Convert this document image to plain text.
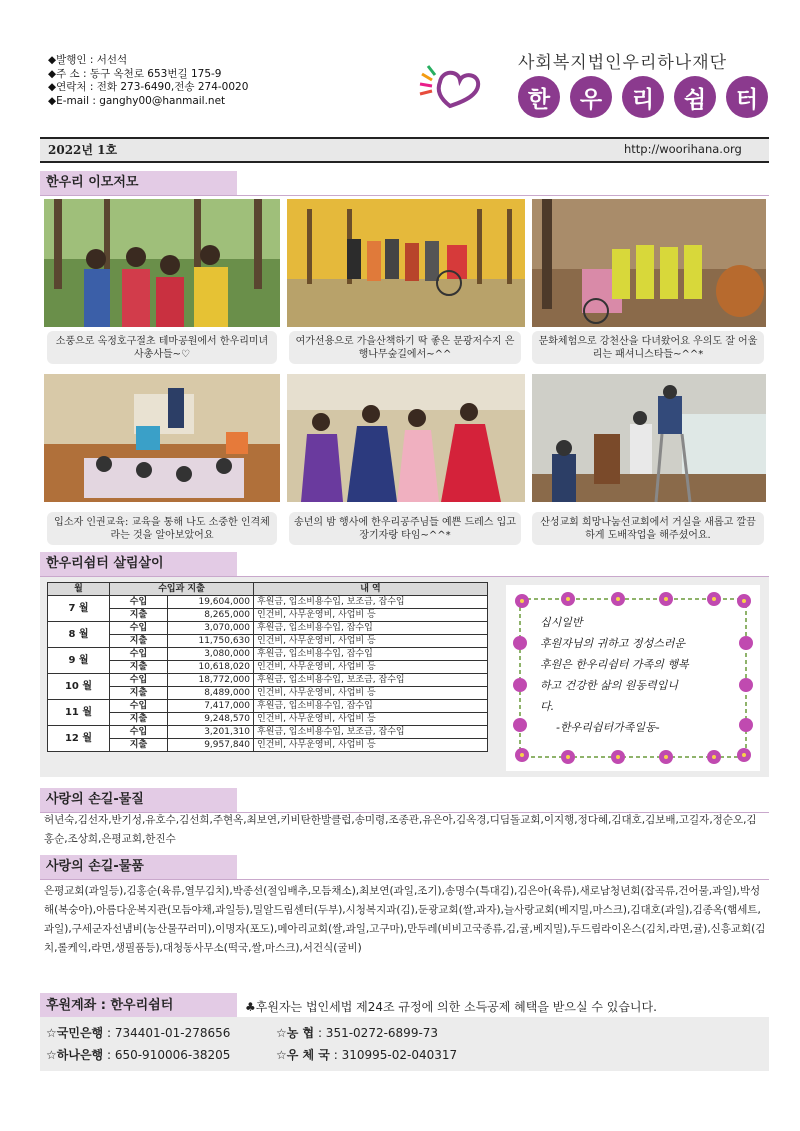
◆발행인 : 서선석
◆주 소 : 동구 옥천로 653번길 175-9
◆연락처 : 전화 273-6490,전송 274-0020
◆E-mail : ganghy00@hanmail.net
사회복지법인우리하나재단
한	우	리	쉼	터
2022년 1호	http://woorihana.org
한우리 이모저모
소풍으로 옥정호구절초 테마공원에서 한우리미녀 사총사들~♡
여가선용으로 가을산책하기 딱 좋은 문광저수지 은행나무숲길에서~^^
문화체험으로 강천산을 다녀왔어요 우의도 잘 어울리는 패셔니스타들~^^*
입소자 인권교육: 교육을 통해 나도 소중한 인격체라는 것을 알아보았어요
송년의 밤 행사에 한우리공주님들 예쁜 드레스 입고 장기자랑 타임~^^*
산성교회 희망나눔선교회에서 거실을 새롭고 깔끔하게 도배작업을 해주셨어요.
한우리쉼터 살림살이
월	수입과 지출		내 역
7 월	수입	19,604,000	후원금, 입소비용수입, 보조금, 잡수입
	지출	8,265,000	인건비, 사무운영비, 사업비 등
8 월	수입	3,070,000	후원금, 입소비용수입, 잡수입
	지출	11,750,630	인건비, 사무운영비, 사업비 등
9 월	수입	3,080,000	후원금, 입소비용수입, 잡수입
	지출	10,618,020	인건비, 사무운영비, 사업비 등
10 월	수입	18,772,000	후원금, 입소비용수입, 보조금, 잡수입
	지출	8,489,000	인건비, 사무운영비, 사업비 등
11 월	수입	7,417,000	후원금, 입소비용수입, 잡수입
	지출	9,248,570	인건비, 사무운영비, 사업비 등
12 월	수입	3,201,310	후원금, 입소비용수입, 보조금, 잡수입
	지출	9,957,840	인건비, 사무운영비, 사업비 등
십시일반
후원자님의 귀하고 정성스러운
후원은 한우리쉼터 가족의 행복
하고 건강한 삶의 원동력입니
다.
-한우리쉼터가족일동-
사랑의 손길-물질
허년숙,김선자,반기성,유호수,김선희,주현옥,최보연,키비탄한발클럽,송미령,조종관,유은아,김옥경,디딤돌교회,이지행,정다혜,김대호,김보배,고길자,정순오,김홍순,조상희,은평교회,한진수
사랑의 손길-물품
은평교회(과일등),김홍순(육류,열무김치),박종선(절임배추,모듬채소),최보연(과일,조기),송명수(특대김),김은아(육류),새로남청년회(잡곡류,건어물,과일),박성해(복숭아),아름다운복지관(모듬야채,과일등),밀알드림센터(두부),시청복지과(김),둔광교회(쌀,과자),늘사랑교회(베지밀,마스크),김대호(과일),김종옥(햄세트,과일),구세군자선냄비(농산물꾸러미),이명자(포도),메아리교회(쌀,과일,고구마),만두레(비비고국종류,김,귤,베지밀),두드림라이온스(김치,라면,귤),신흥교회(김치,롤케익,라면,생필품등),대청동사무소(떡국,쌀,마스크),서건식(굴비)
후원계좌 : 한우리쉼터	♣후원자는 법인세법 제24조 규정에 의한 소득공제 혜택을 받으실 수 있습니다.
☆국민은행 : 734401-01-278656	☆농 협 : 351-0272-6899-73
☆하나은행 : 650-910006-38205	☆우 체 국 : 310995-02-040317
